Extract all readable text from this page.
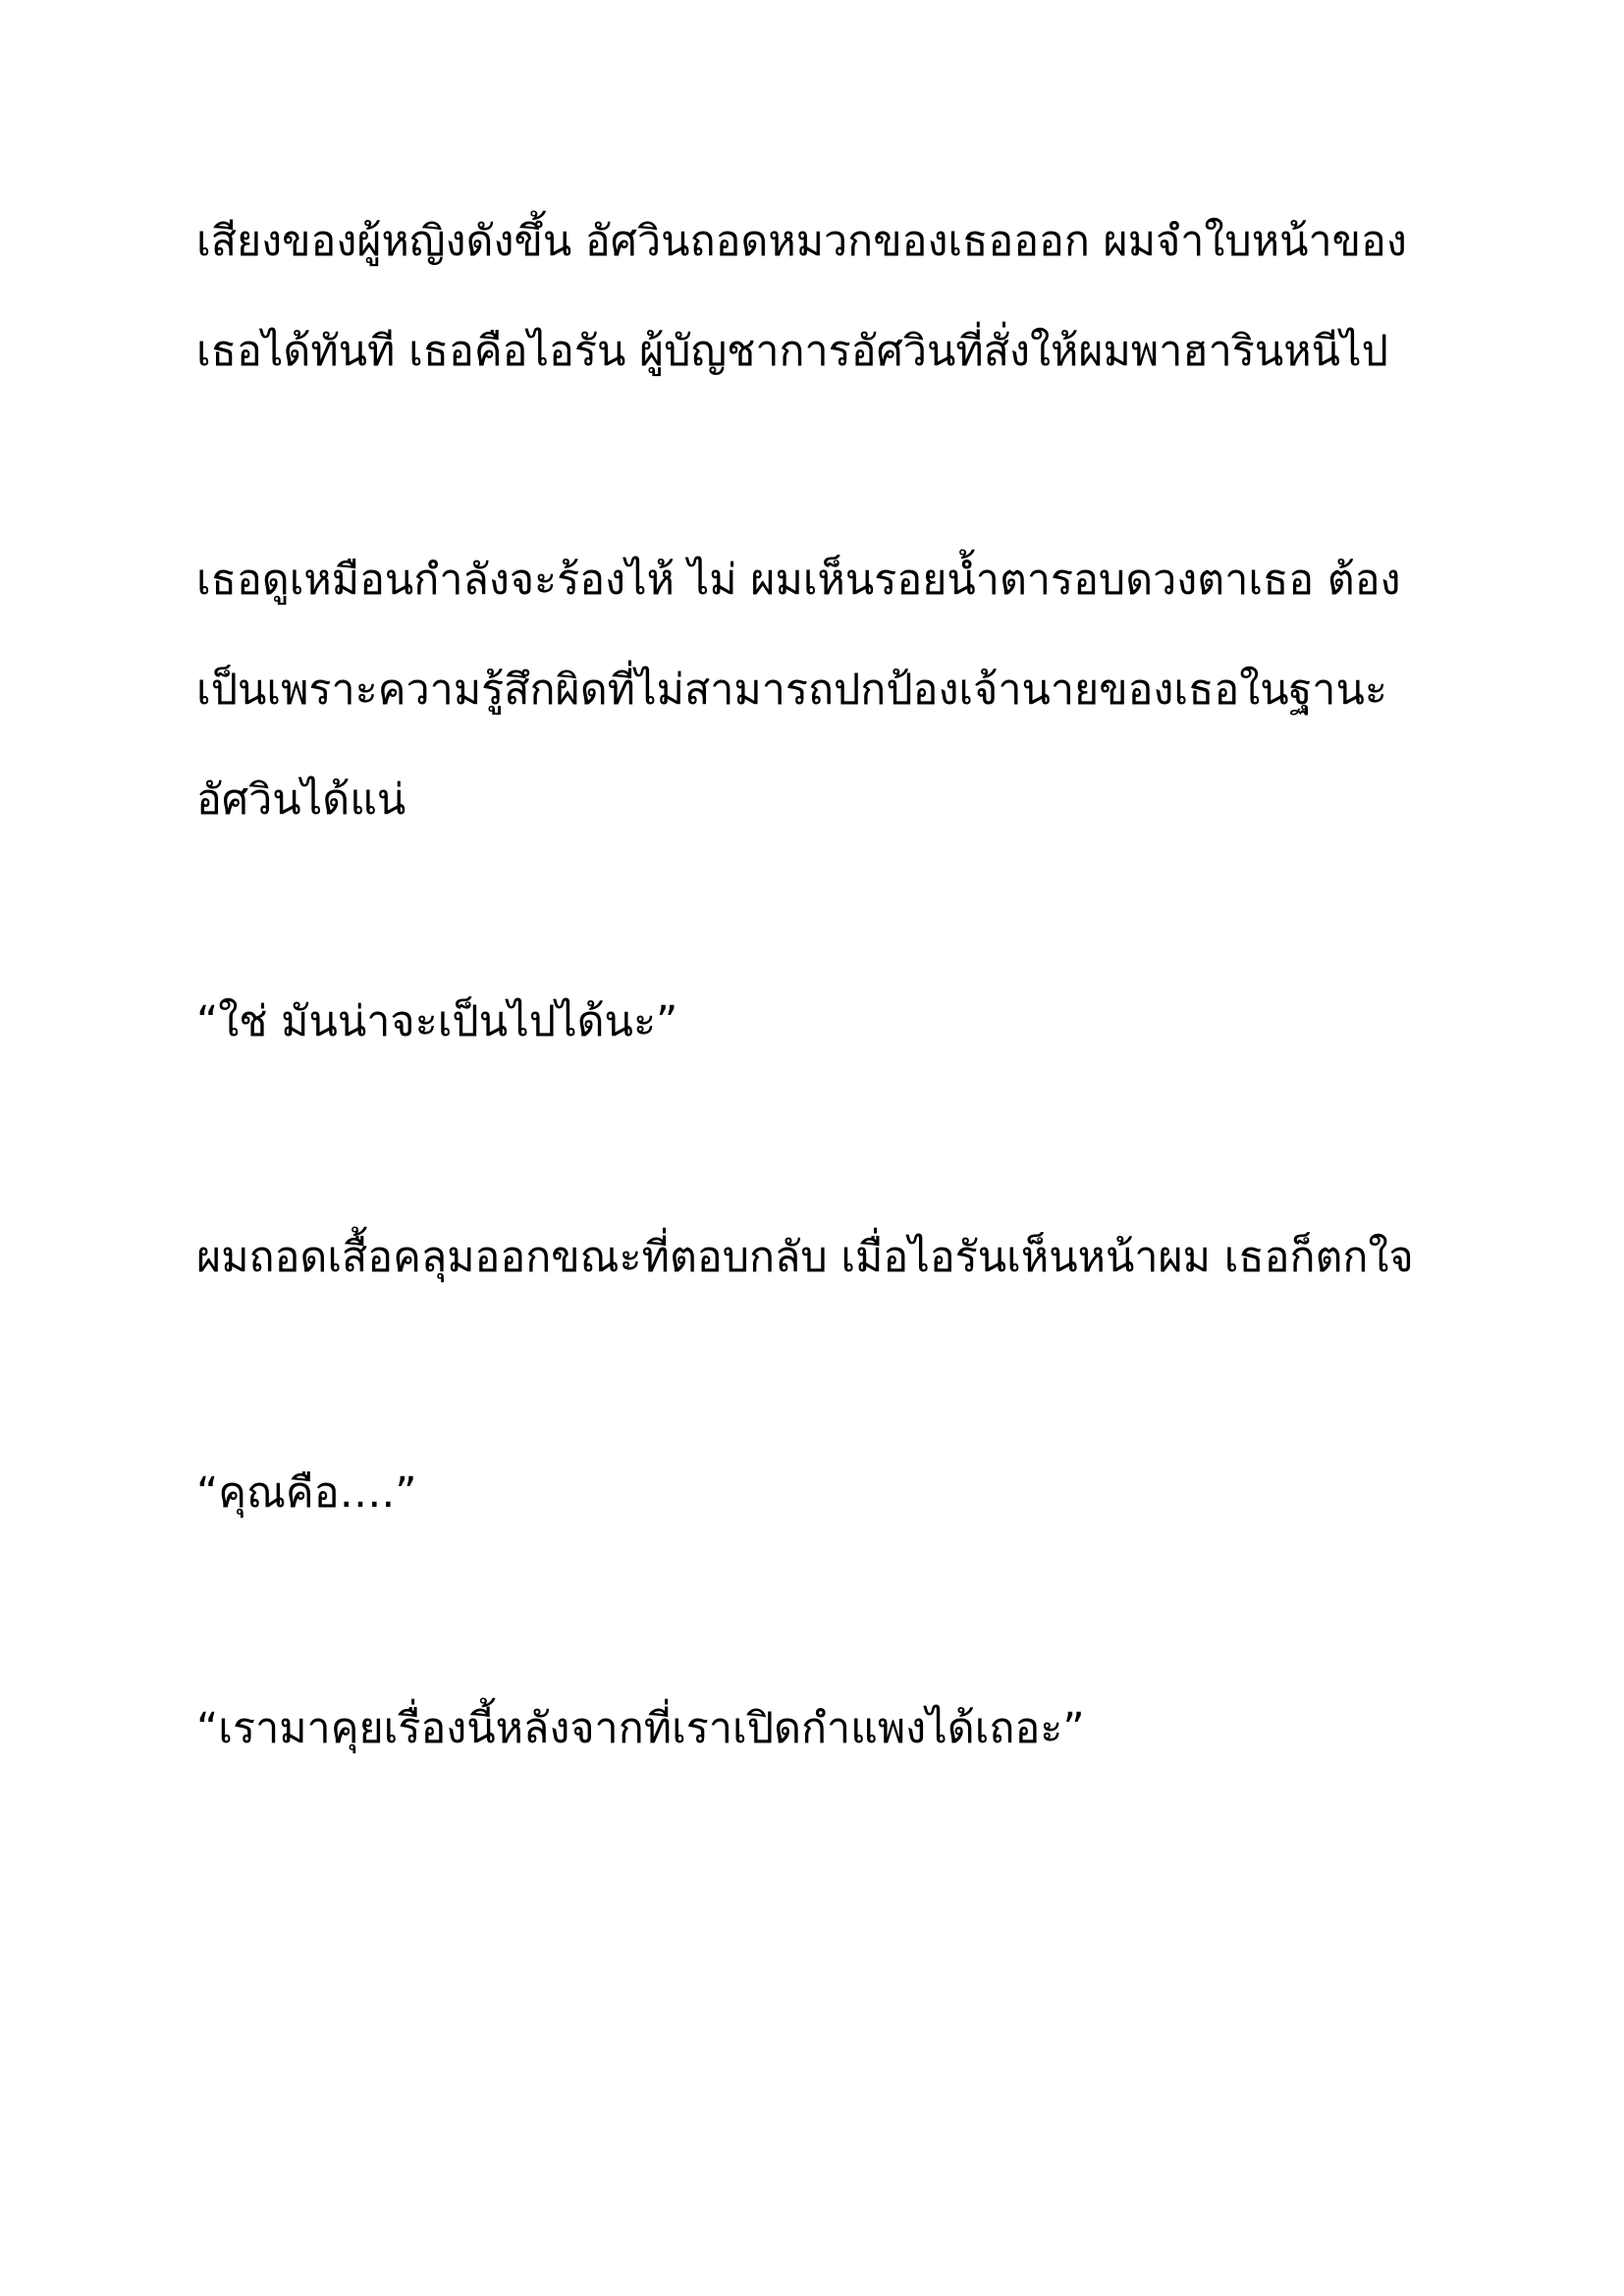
เสียงของผู้หญิงดังขึ้น อัศวินถอดหมวกของเธอออก ผมจำใบหน้าของ
เธอได้ทันที เธอคือไอรัน ผู้บัญชาการอัศวินที่สั่งให้ผมพาฮารินหนีไป

เธอดูเหมือนกำลังจะร้องไห้ ไม่ ผมเห็นรอยน้ำตารอบดวงตาเธอ ต้อง
เป็นเพราะความรู้สึกผิดที่ไม่สามารถปกป้องเจ้านายของเธอในฐานะ
อัศวินได้แน่

“ใช่ มันน่าจะเป็นไปได้นะ”

ผมถอดเสื้อคลุมออกขณะที่ตอบกลับ เมื่อไอรันเห็นหน้าผม เธอก็ตกใจ

“คุณคือ….”

“เรามาคุยเรื่องนี้หลังจากที่เราเปิดกำแพงได้เถอะ”
